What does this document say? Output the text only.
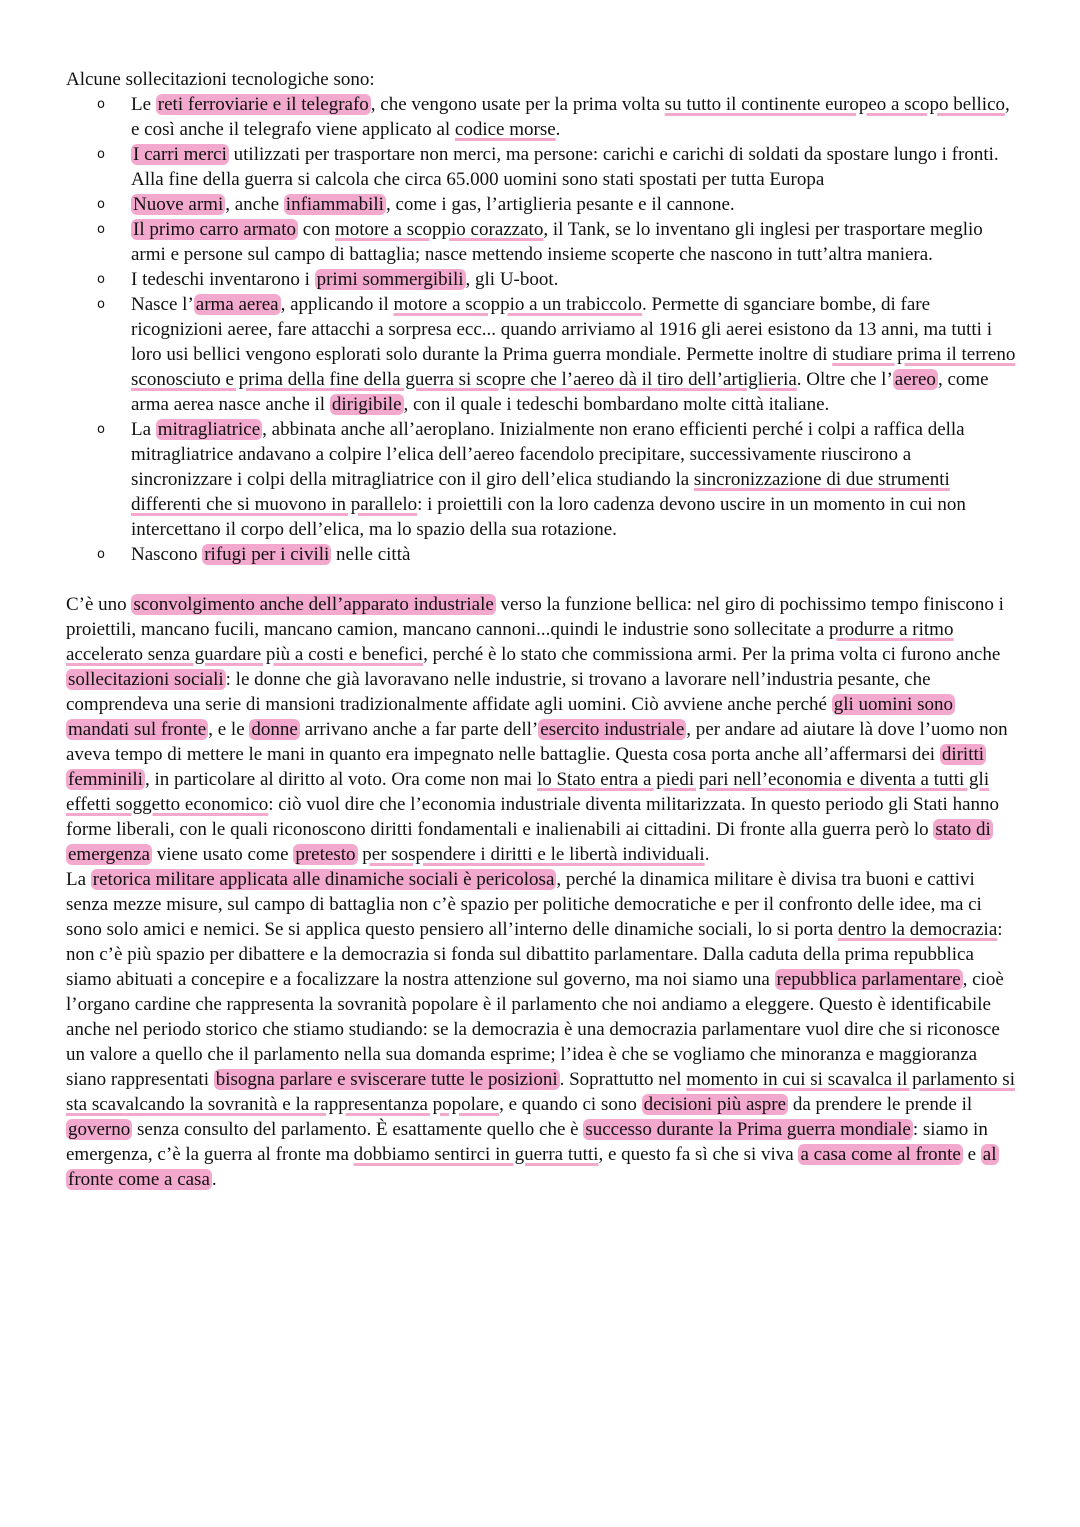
Alcune sollecitazioni tecnologiche sono:

o Le reti ferroviarie e il telegrafo , che vengono usate per la prima volta su tutto il continente europeo a scopo bellico, e così anche il telegrafo viene applicato al codice morse.
o I carri merci utilizzati per trasportare non merci, ma persone: carichi e carichi di soldati da spostare lungo i fronti. Alla fine della guerra si calcola che circa 65.000 uomini sono stati spostati per tutta Europa
o Nuove armi , anche infiammabili , come i gas, l’artiglieria pesante e il cannone.
o Il primo carro armato con motore a scoppio corazzato, il Tank, se lo inventano gli inglesi per trasportare meglio armi e persone sul campo di battaglia; nasce mettendo insieme scoperte che nascono in tutt’altra maniera.
o I tedeschi inventarono i primi sommergibili , gli U-boot.
o Nasce l’ arma aerea , applicando il motore a scoppio a un trabiccolo. Permette di sganciare bombe, di fare ricognizioni aeree, fare attacchi a sorpresa ecc... quando arriviamo al 1916 gli aerei esistono da 13 anni, ma tutti i loro usi bellici vengono esplorati solo durante la Prima guerra mondiale. Permette inoltre di studiare prima il terreno sconosciuto e prima della fine della guerra si scopre che l’aereo dà il tiro dell’artiglieria. Oltre che l’ aereo , come arma aerea nasce anche il dirigibile , con il quale i tedeschi bombardano molte città italiane.
o La mitragliatrice , abbinata anche all’aeroplano. Inizialmente non erano efficienti perché i colpi a raffica della mitragliatrice andavano a colpire l’elica dell’aereo facendolo precipitare, successivamente riuscirono a sincronizzare i colpi della mitragliatrice con il giro dell’elica studiando la sincronizzazione di due strumenti differenti che si muovono in parallelo: i proiettili con la loro cadenza devono uscire in un momento in cui non intercettano il corpo dell’elica, ma lo spazio della sua rotazione.
o Nascono rifugi per i civili nelle città

C’è uno sconvolgimento anche dell’apparato industriale verso la funzione bellica: nel giro di pochissimo tempo finiscono i proiettili, mancano fucili, mancano camion, mancano cannoni...quindi le industrie sono sollecitate a produrre a ritmo accelerato senza guardare più a costi e benefici, perché è lo stato che commissiona armi. Per la prima volta ci furono anche sollecitazioni sociali : le donne che già lavoravano nelle industrie, si trovano a lavorare nell’industria pesante, che comprendeva una serie di mansioni tradizionalmente affidate agli uomini. Ciò avviene anche perché gli uomini sono mandati sul fronte , e le donne arrivano anche a far parte dell’ esercito industriale , per andare ad aiutare là dove l’uomo non aveva tempo di mettere le mani in quanto era impegnato nelle battaglie. Questa cosa porta anche all’affermarsi dei diritti femminili , in particolare al diritto al voto. Ora come non mai lo Stato entra a piedi pari nell’economia e diventa a tutti gli effetti soggetto economico: ciò vuol dire che l’economia industriale diventa militarizzata. In questo periodo gli Stati hanno forme liberali, con le quali riconoscono diritti fondamentali e inalienabili ai cittadini. Di fronte alla guerra però lo stato di emergenza viene usato come pretesto per sospendere i diritti e le libertà individuali.

La retorica militare applicata alle dinamiche sociali è pericolosa , perché la dinamica militare è divisa tra buoni e cattivi senza mezze misure, sul campo di battaglia non c’è spazio per politiche democratiche e per il confronto delle idee, ma ci sono solo amici e nemici. Se si applica questo pensiero all’interno delle dinamiche sociali, lo si porta dentro la democrazia: non c’è più spazio per dibattere e la democrazia si fonda sul dibattito parlamentare. Dalla caduta della prima repubblica siamo abituati a concepire e a focalizzare la nostra attenzione sul governo, ma noi siamo una repubblica parlamentare , cioè l’organo cardine che rappresenta la sovranità popolare è il parlamento che noi andiamo a eleggere. Questo è identificabile anche nel periodo storico che stiamo studiando: se la democrazia è una democrazia parlamentare vuol dire che si riconosce un valore a quello che il parlamento nella sua domanda esprime; l’idea è che se vogliamo che minoranza e maggioranza siano rappresentati bisogna parlare e sviscerare tutte le posizioni . Soprattutto nel momento in cui si scavalca il parlamento si sta scavalcando la sovranità e la rappresentanza popolare, e quando ci sono decisioni più aspre da prendere le prende il governo senza consulto del parlamento. È esattamente quello che è successo durante la Prima guerra mondiale : siamo in emergenza, c’è la guerra al fronte ma dobbiamo sentirci in guerra tutti, e questo fa sì che si viva a casa come al fronte e al fronte come a casa .
